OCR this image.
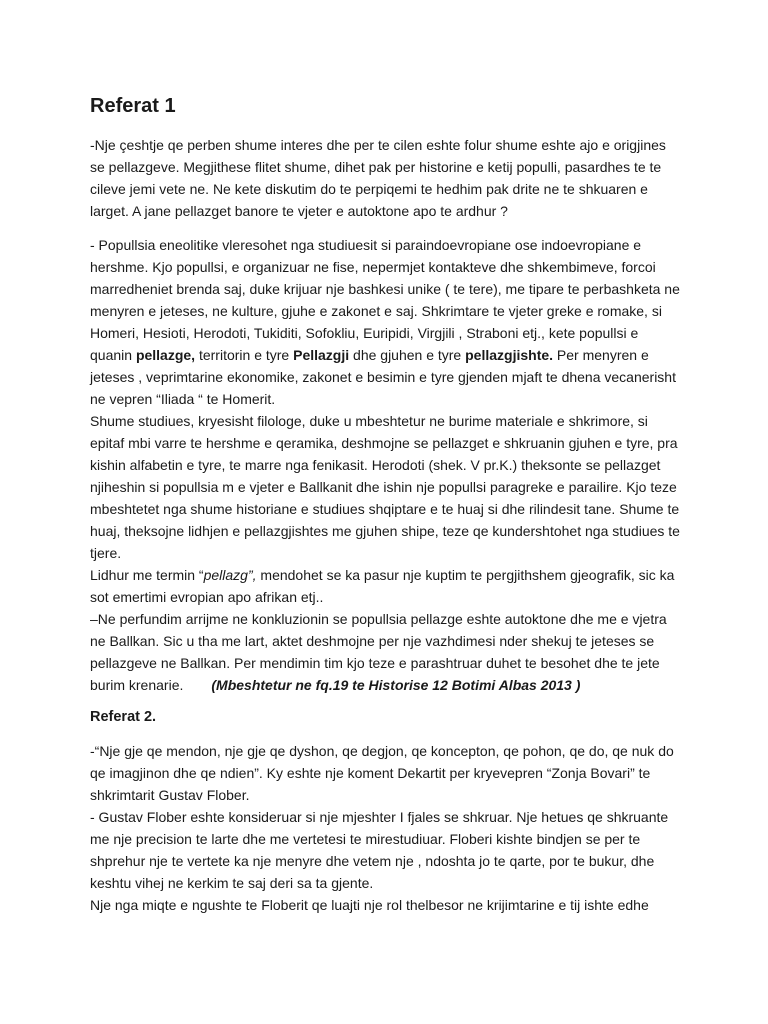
Referat 1

-Nje çeshtje qe perben shume interes dhe per te cilen eshte folur shume eshte ajo e origjines se pellazgeve. Megjithese flitet shume, dihet pak per historine e ketij populli, pasardhes te te cileve jemi vete ne. Ne kete diskutim do te perpiqemi te hedhim pak drite ne te shkuaren e larget. A jane pellazget banore te vjeter e autoktone apo te ardhur ?

- Popullsia eneolitike vleresohet nga studiuesit si paraindoevropiane ose indoevropiane e hershme. Kjo popullsi, e organizuar ne fise, nepermjet kontakteve dhe shkembimeve, forcoi marredheniet brenda saj, duke krijuar nje bashkesi unike ( te tere), me tipare te perbashketa ne menyren e jeteses, ne kulture, gjuhe e zakonet e saj. Shkrimtare te vjeter greke e romake, si Homeri, Hesioti, Herodoti, Tukiditi, Sofokliu, Euripidi, Virgjili , Straboni etj., kete popullsi e quanin pellazge, territorin e tyre Pellazgji dhe gjuhen e tyre pellazgjishte. Per menyren e jeteses , veprimtarine ekonomike, zakonet e besimin e tyre gjenden mjaft te dhena vecanerisht ne vepren “Iliada “ te Homerit.

Shume studiues, kryesisht filologe, duke u mbeshtetur ne burime materiale e shkrimore, si epitaf mbi varre te hershme e qeramika, deshmojne se pellazget e shkruanin gjuhen e tyre, pra kishin alfabetin e tyre, te marre nga fenikasit. Herodoti (shek. V pr.K.) theksonte se pellazget njiheshin si popullsia m e vjeter e Ballkanit dhe ishin nje popullsi paragreke e parailire. Kjo teze mbeshtetet nga shume historiane e studiues shqiptare e te huaj si dhe rilindesit tane. Shume te huaj, theksojne lidhjen e pellazgjishtes me gjuhen shipe, teze qe kundershtohet nga studiues te tjere.

Lidhur me termin “pellazg”, mendohet se ka pasur nje kuptim te pergjithshem gjeografik, sic ka sot emertimi evropian apo afrikan etj..

–Ne perfundim arrijme ne konkluzionin se popullsia pellazge eshte autoktone dhe me e vjetra ne Ballkan. Sic u tha me lart, aktet deshmojne per nje vazhdimesi nder shekuj te jeteses se pellazgeve ne Ballkan. Per mendimin tim kjo teze e parashtruar duhet te besohet dhe te jete burim krenarie. (Mbeshtetur ne fq.19 te Historise 12 Botimi Albas 2013 )

Referat 2.

-“Nje gje qe mendon, nje gje qe dyshon, qe degjon, qe koncepton, qe pohon, qe do, qe nuk do qe imagjinon dhe qe ndien”. Ky eshte nje koment Dekartit per kryevepren “Zonja Bovari” te shkrimtarit Gustav Flober.

- Gustav Flober eshte konsideruar si nje mjeshter I fjales se shkruar. Nje hetues qe shkruante me nje precision te larte dhe me vertetesi te mirestudiuar. Floberi kishte bindjen se per te shprehur nje te vertete ka nje menyre dhe vetem nje , ndoshta jo te qarte, por te bukur, dhe keshtu vihej ne kerkim te saj deri sa ta gjente.

Nje nga miqte e ngushte te Floberit qe luajti nje rol thelbesor ne krijimtarine e tij ishte edhe
